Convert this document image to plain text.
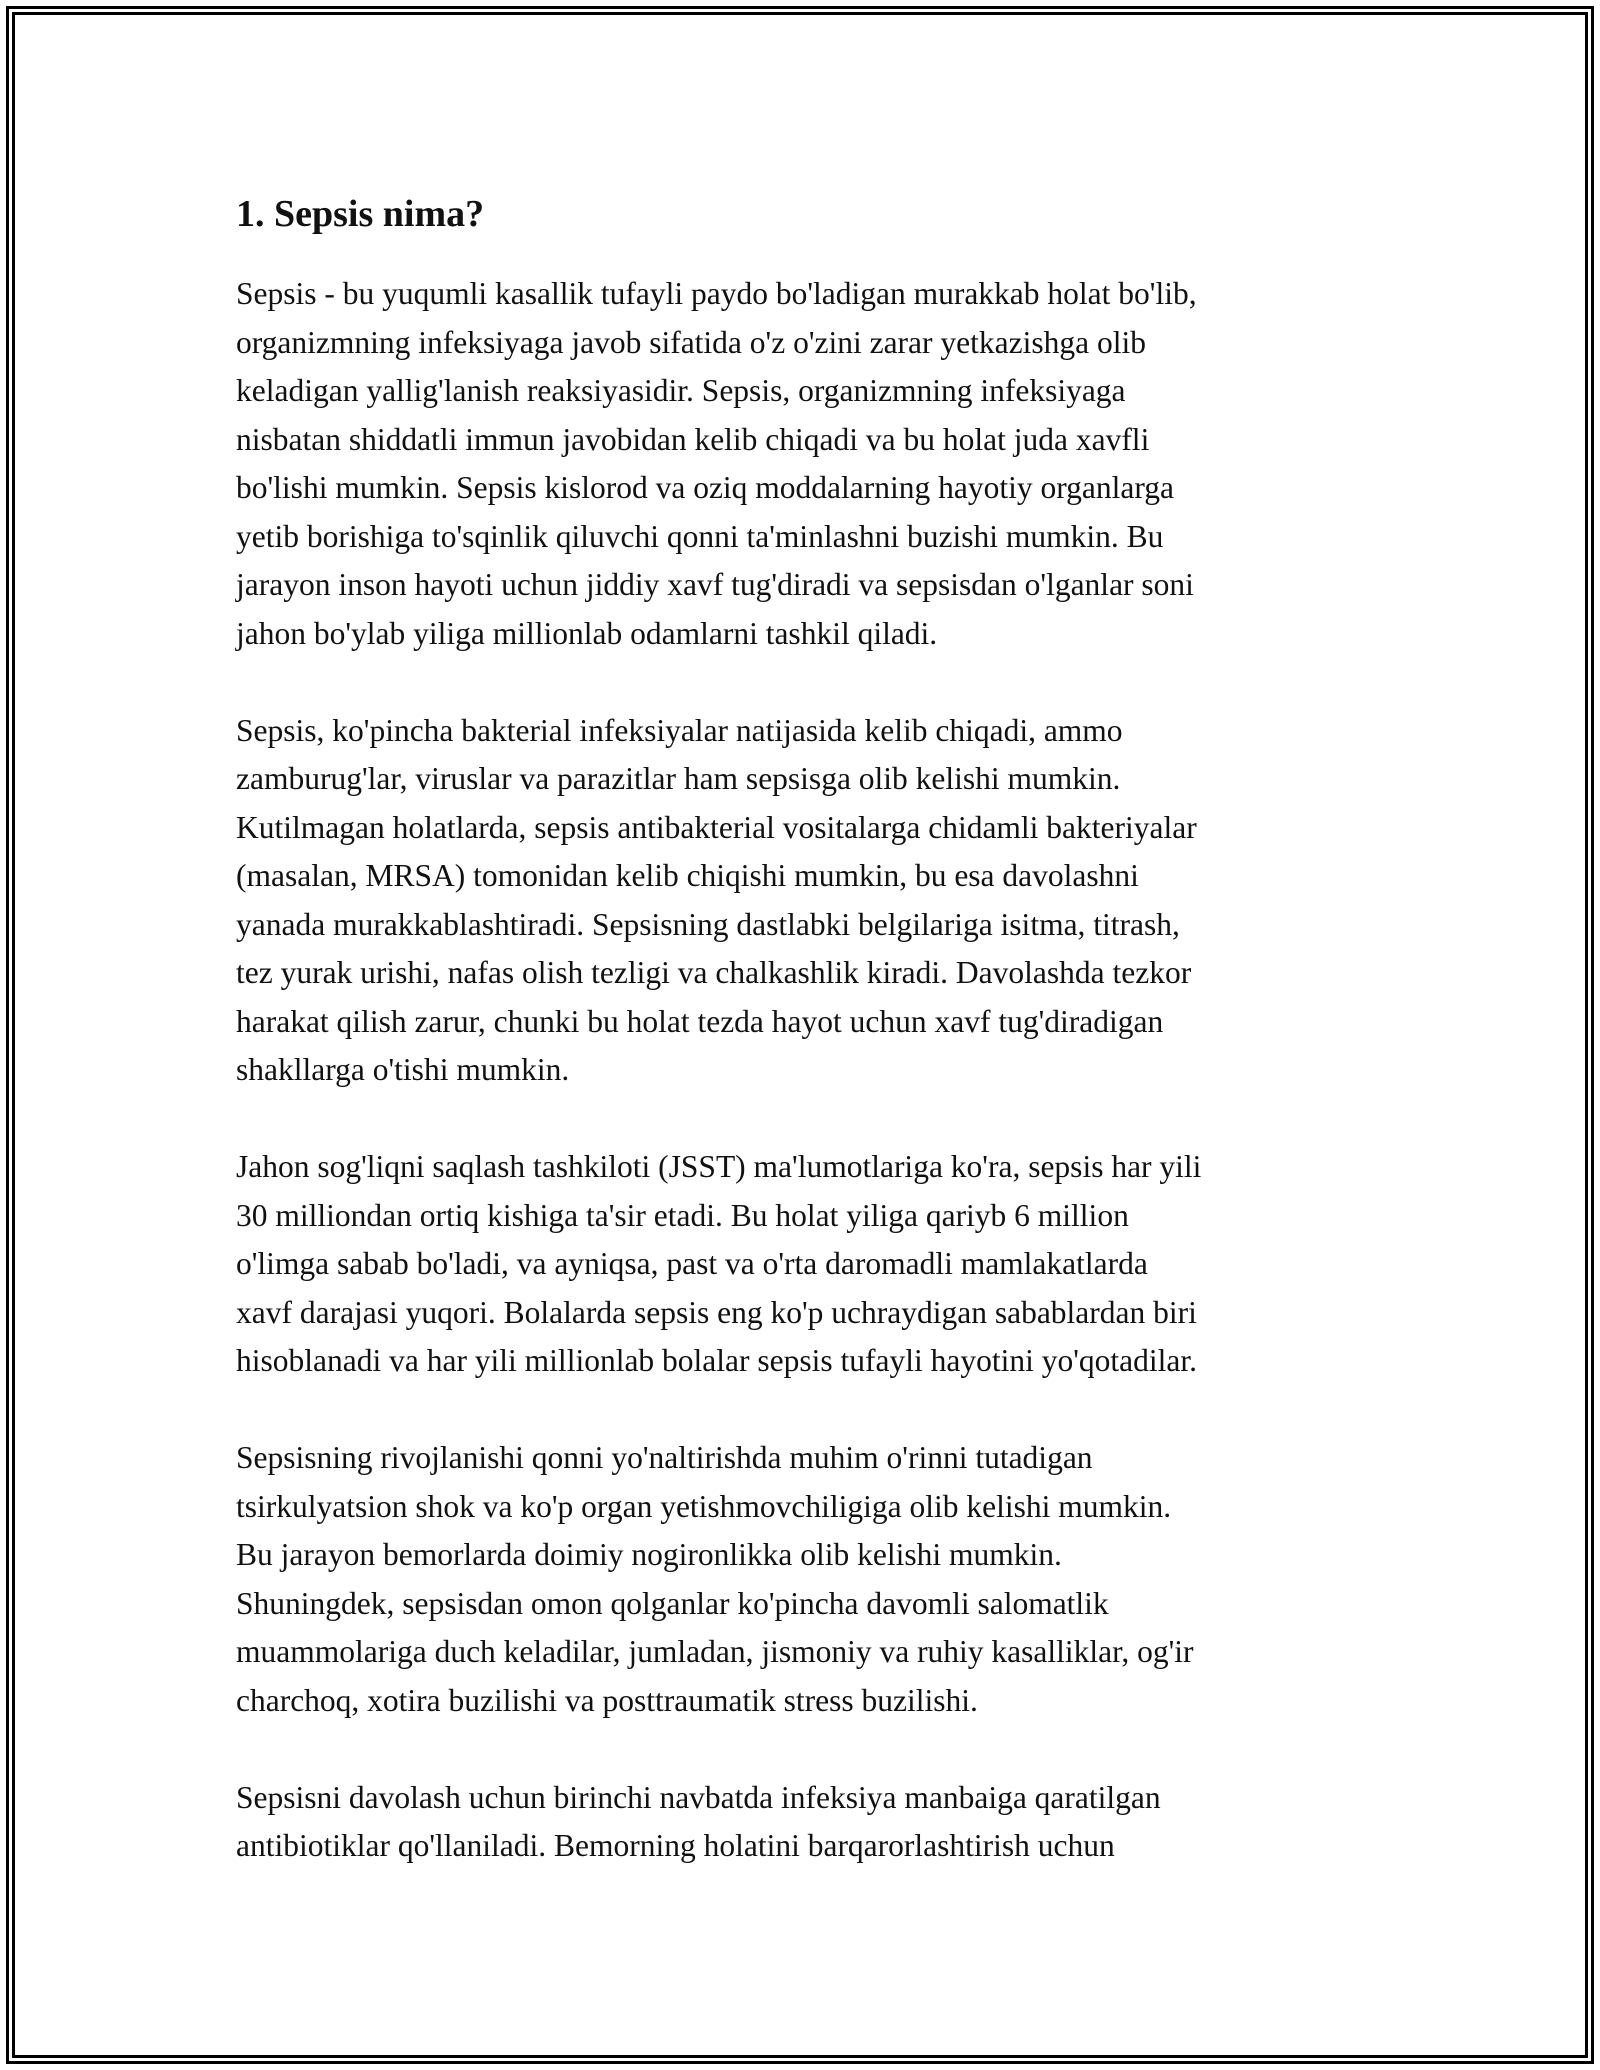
1. Sepsis nima?

Sepsis - bu yuqumli kasallik tufayli paydo bo'ladigan murakkab holat bo'lib,
organizmning infeksiyaga javob sifatida o'z o'zini zarar yetkazishga olib
keladigan yallig'lanish reaksiyasidir. Sepsis, organizmning infeksiyaga
nisbatan shiddatli immun javobidan kelib chiqadi va bu holat juda xavfli
bo'lishi mumkin. Sepsis kislorod va oziq moddalarning hayotiy organlarga
yetib borishiga to'sqinlik qiluvchi qonni ta'minlashni buzishi mumkin. Bu
jarayon inson hayoti uchun jiddiy xavf tug'diradi va sepsisdan o'lganlar soni
jahon bo'ylab yiliga millionlab odamlarni tashkil qiladi.

Sepsis, ko'pincha bakterial infeksiyalar natijasida kelib chiqadi, ammo
zamburug'lar, viruslar va parazitlar ham sepsisga olib kelishi mumkin.
Kutilmagan holatlarda, sepsis antibakterial vositalarga chidamli bakteriyalar
(masalan, MRSA) tomonidan kelib chiqishi mumkin, bu esa davolashni
yanada murakkablashtiradi. Sepsisning dastlabki belgilariga isitma, titrash,
tez yurak urishi, nafas olish tezligi va chalkashlik kiradi. Davolashda tezkor
harakat qilish zarur, chunki bu holat tezda hayot uchun xavf tug'diradigan
shakllarga o'tishi mumkin.

Jahon sog'liqni saqlash tashkiloti (JSST) ma'lumotlariga ko'ra, sepsis har yili
30 milliondan ortiq kishiga ta'sir etadi. Bu holat yiliga qariyb 6 million
o'limga sabab bo'ladi, va ayniqsa, past va o'rta daromadli mamlakatlarda
xavf darajasi yuqori. Bolalarda sepsis eng ko'p uchraydigan sabablardan biri
hisoblanadi va har yili millionlab bolalar sepsis tufayli hayotini yo'qotadilar.

Sepsisning rivojlanishi qonni yo'naltirishda muhim o'rinni tutadigan
tsirkulyatsion shok va ko'p organ yetishmovchiligiga olib kelishi mumkin.
Bu jarayon bemorlarda doimiy nogironlikka olib kelishi mumkin.
Shuningdek, sepsisdan omon qolganlar ko'pincha davomli salomatlik
muammolariga duch keladilar, jumladan, jismoniy va ruhiy kasalliklar, og'ir
charchoq, xotira buzilishi va posttraumatik stress buzilishi.

Sepsisni davolash uchun birinchi navbatda infeksiya manbaiga qaratilgan
antibiotiklar qo'llaniladi. Bemorning holatini barqarorlashtirish uchun
